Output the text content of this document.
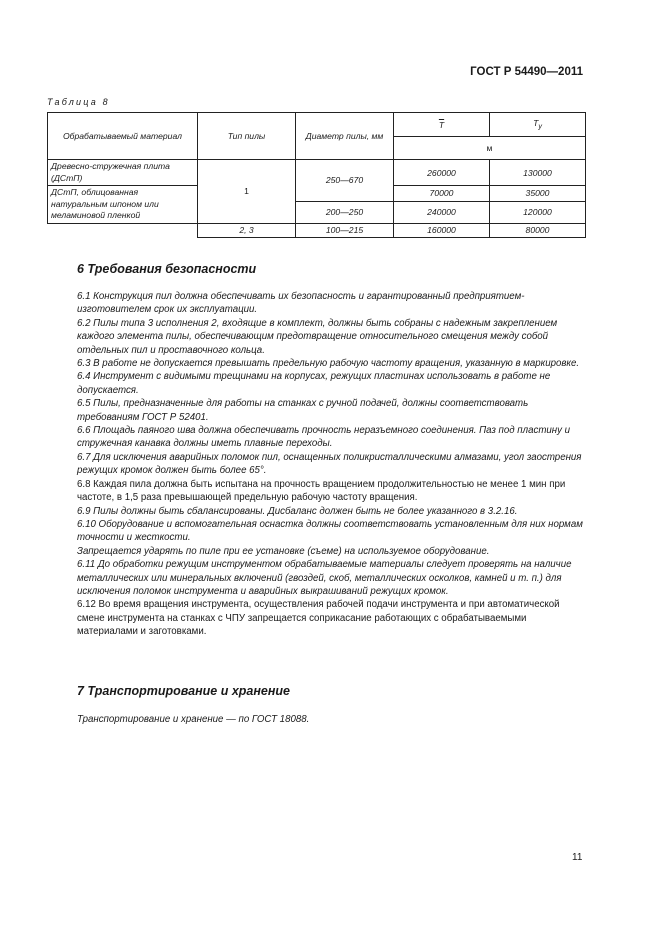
ГОСТ Р 54490—2011
Таблица 8
Обрабатываемый материал	Тип пилы	Диаметр пилы, мм	$\overline{T}$	$T_у$
			м	
Древесно-стружечная плита (ДСтП)	1	250—670	260000	130000
ДСтП, облицованная натуральным шпоном или меламиновой пленкой			70000	35000
		200—250	240000	120000
	2, 3	100—215	160000	80000
6 Требования безопасности

6.1 Конструкция пил должна обеспечивать их безопасность и гарантированный предприятием-изготовителем срок их эксплуатации.

6.2 Пилы типа 3 исполнения 2, входящие в комплект, должны быть собраны с надежным закреплением каждого элемента пилы, обеспечивающим предотвращение относительного смещения между собой отдельных пил и проставочного кольца.

6.3 В работе не допускается превышать предельную рабочую частоту вращения, указанную в маркировке.

6.4 Инструмент с видимыми трещинами на корпусах, режущих пластинах использовать в работе не допускается.

6.5 Пилы, предназначенные для работы на станках с ручной подачей, должны соответствовать требованиям ГОСТ Р 52401.

6.6 Площадь паяного шва должна обеспечивать прочность неразъемного соединения. Паз под пластину и стружечная канавка должны иметь плавные переходы.

6.7 Для исключения аварийных поломок пил, оснащенных поликристаллическими алмазами, угол заострения режущих кромок должен быть более 65°.

6.8 Каждая пила должна быть испытана на прочность вращением продолжительностью не менее 1 мин при частоте, в 1,5 раза превышающей предельную рабочую частоту вращения.

6.9 Пилы должны быть сбалансированы. Дисбаланс должен быть не более указанного в 3.2.16.

6.10 Оборудование и вспомогательная оснастка должны соответствовать установленным для них нормам точности и жесткости.

Запрещается ударять по пиле при ее установке (съеме) на используемое оборудование.

6.11 До обработки режущим инструментом обрабатываемые материалы следует проверять на наличие металлических или минеральных включений (гвоздей, скоб, металлических осколков, камней и т. п.) для исключения поломок инструмента и аварийных выкрашиваний режущих кромок.

6.12 Во время вращения инструмента, осуществления рабочей подачи инструмента и при автоматической смене инструмента на станках с ЧПУ запрещается соприкасание работающих с обрабатываемыми материалами и заготовками.

7 Транспортирование и хранение

Транспортирование и хранение — по ГОСТ 18088.

11
